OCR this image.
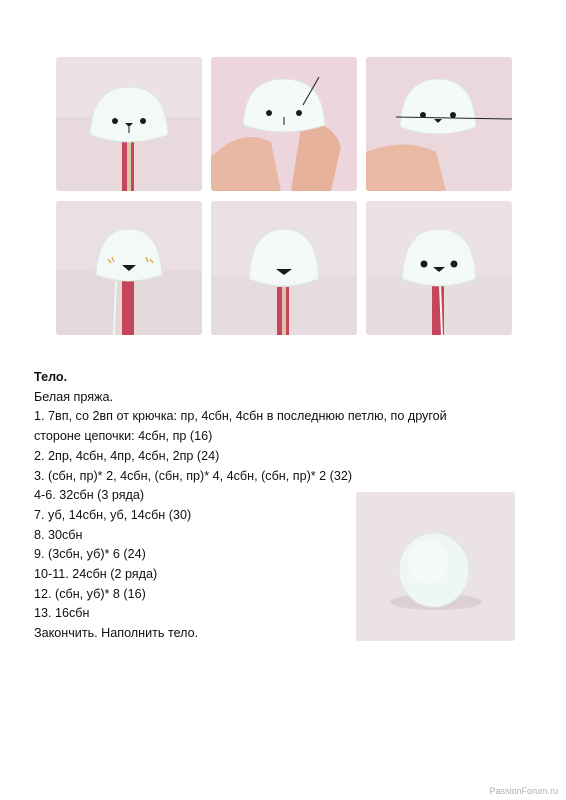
Тело.
Белая пряжа.
1. 7вп, со 2вп от крючка: пр, 4сбн, 4сбн в последнюю петлю, по другой
стороне цепочки: 4сбн, пр (16)
2. 2пр, 4сбн, 4пр, 4сбн, 2пр (24)
3. (сбн, пр)* 2, 4сбн, (сбн, пр)* 4, 4сбн, (сбн, пр)* 2 (32)
4-6. 32сбн (3 ряда)
7. уб, 14сбн, уб, 14сбн (30)
8. 30сбн
9. (3сбн, уб)* 6 (24)
10-11. 24сбн (2 ряда)
12. (сбн, уб)* 8 (16)
13. 16сбн
Закончить. Наполнить тело.
PassionForum.ru
